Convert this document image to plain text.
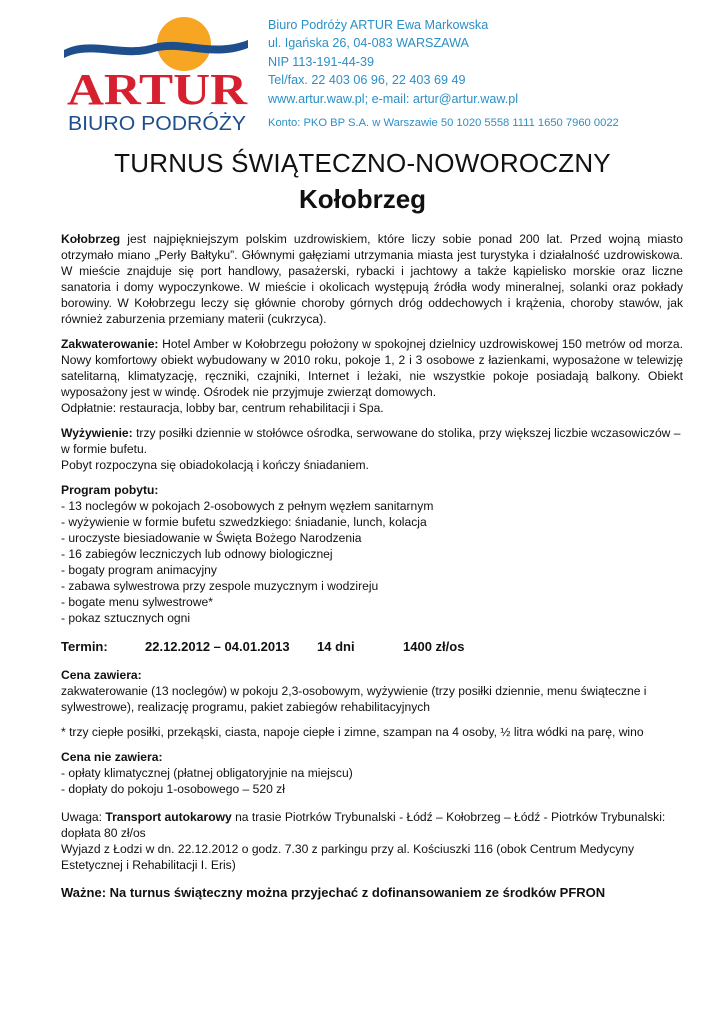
ARTUR
BIURO PODRÓŻY
Biuro Podróży ARTUR Ewa Markowska
ul. Igańska 26, 04-083 WARSZAWA
NIP 113-191-44-39
Tel/fax. 22 403 06 96, 22 403 69 49
www.artur.waw.pl; e-mail: artur@artur.waw.pl
Konto: PKO BP S.A. w Warszawie 50 1020 5558 1111 1650 7960 0022
TURNUS ŚWIĄTECZNO-NOWOROCZNY
Kołobrzeg

Kołobrzeg jest najpiękniejszym polskim uzdrowiskiem, które liczy sobie ponad 200 lat. Przed wojną miasto otrzymało miano „Perły Bałtyku”. Głównymi gałęziami utrzymania miasta jest turystyka i działalność uzdrowiskowa. W mieście znajduje się port handlowy, pasażerski, rybacki i jachtowy a także kąpielisko morskie oraz liczne sanatoria i domy wypoczynkowe. W mieście i okolicach występują źródła wody mineralnej, solanki oraz pokłady borowiny. W Kołobrzegu leczy się głównie choroby górnych dróg oddechowych i krążenia, choroby stawów, jak również zaburzenia przemiany materii (cukrzyca).

Zakwaterowanie: Hotel Amber w Kołobrzegu położony w spokojnej dzielnicy uzdrowiskowej 150 metrów od morza. Nowy komfortowy obiekt wybudowany w 2010 roku, pokoje 1, 2 i 3 osobowe z łazienkami, wyposażone w telewizję satelitarną, klimatyzację, ręczniki, czajniki, Internet i leżaki, nie wszystkie pokoje posiadają balkony. Obiekt wyposażony jest w windę. Ośrodek nie przyjmuje zwierząt domowych.

Odpłatnie: restauracja, lobby bar, centrum rehabilitacji i Spa.

Wyżywienie: trzy posiłki dziennie w stołówce ośrodka, serwowane do stolika, przy większej liczbie wczasowiczów – w formie bufetu.

Pobyt rozpoczyna się obiadokolacją i kończy śniadaniem.

Program pobytu:

- 13 noclegów w pokojach 2-osobowych z pełnym węzłem sanitarnym
- wyżywienie w formie bufetu szwedzkiego: śniadanie, lunch, kolacja
- uroczyste biesiadowanie w Święta Bożego Narodzenia
- 16 zabiegów leczniczych lub odnowy biologicznej
- bogaty program animacyjny
- zabawa sylwestrowa przy zespole muzycznym i wodzireju
- bogate menu sylwestrowe*
- pokaz sztucznych ogni
Termin:	22.12.2012 – 04.01.2013	14 dni	1400 zł/os

Cena zawiera:

zakwaterowanie (13 noclegów) w pokoju 2,3-osobowym, wyżywienie (trzy posiłki dziennie, menu świąteczne i sylwestrowe), realizację programu, pakiet zabiegów rehabilitacyjnych

* trzy ciepłe posiłki, przekąski, ciasta, napoje ciepłe i zimne, szampan na 4 osoby, ½ litra wódki na parę, wino

Cena nie zawiera:

- opłaty klimatycznej (płatnej obligatoryjnie na miejscu)

- dopłaty do pokoju 1-osobowego – 520 zł

Uwaga: Transport autokarowy na trasie Piotrków Trybunalski - Łódź – Kołobrzeg – Łódź - Piotrków Trybunalski: dopłata 80 zł/os

Wyjazd z Łodzi w dn. 22.12.2012 o godz. 7.30 z parkingu przy al. Kościuszki 116 (obok Centrum Medycyny Estetycznej i Rehabilitacji I. Eris)

Ważne: Na turnus świąteczny można przyjechać z dofinansowaniem ze środków PFRON
